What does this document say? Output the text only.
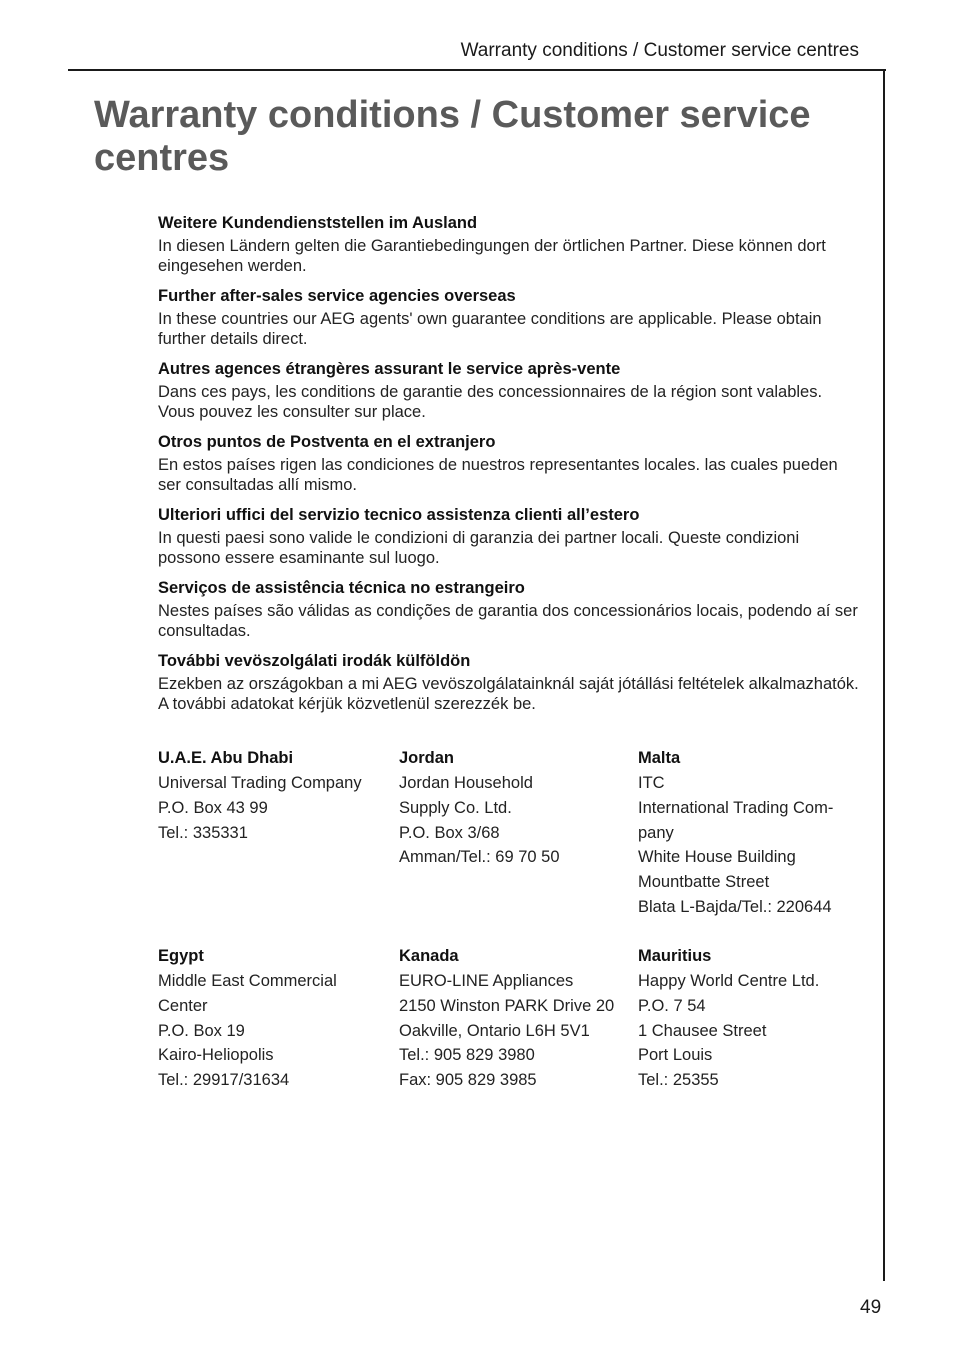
Warranty conditions / Customer service centres
Warranty conditions / Customer service centres
Weitere Kundendienststellen im Ausland
In diesen Ländern gelten die Garantiebedingungen der örtlichen Partner. Diese können dort eingesehen werden.
Further after-sales service agencies overseas
In these countries our AEG agents' own guarantee conditions are applicable. Please obtain further details direct.
Autres agences étrangères assurant le service après-vente
Dans ces pays, les conditions de garantie des concessionnaires de la région sont valables. Vous pouvez les consulter sur place.
Otros puntos de Postventa en el extranjero
En estos países rigen las condiciones de nuestros representantes locales. las cuales pueden ser consultadas allí mismo.
Ulteriori uffici del servizio tecnico assistenza clienti all’estero
In questi paesi sono valide le condizioni di garanzia dei partner locali. Queste condizioni possono essere esaminante sul luogo.
Serviços de assistência técnica no estrangeiro
Nestes países são válidas as condições de garantia dos concessionários locais, podendo aí ser consultadas.
További vevöszolgálati irodák külföldön
Ezekben az országokban a mi AEG vevöszolgálatainknál saját jótállási feltételek alkalmazhatók. A további adatokat kérjük közvetlenül szerezzék be.
U.A.E. Abu Dhabi
Universal Trading Company
P.O. Box 43 99
Tel.: 335331
Jordan
Jordan Household
Supply Co. Ltd.
P.O. Box 3/68
Amman/Tel.: 69 70 50
Malta
ITC
International Trading Com-
pany
White House Building
Mountbatte Street
Blata L-Bajda/Tel.: 220644
Egypt
Middle East Commercial
Center
P.O. Box 19
Kairo-Heliopolis
Tel.: 29917/31634
Kanada
EURO-LINE Appliances
2150 Winston PARK Drive 20
Oakville, Ontario L6H 5V1
Tel.: 905 829 3980
Fax: 905 829 3985
Mauritius
Happy World Centre Ltd.
P.O. 7 54
1 Chausee Street
Port Louis
Tel.: 25355
49
